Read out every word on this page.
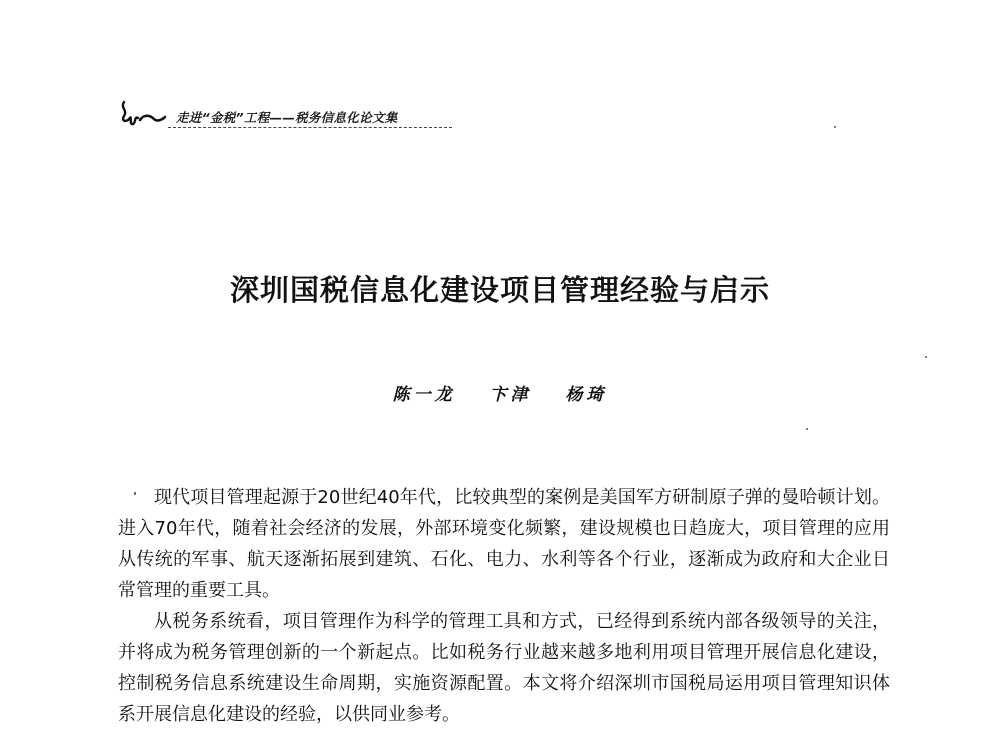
走进“金税”工程——税务信息化论文集
深圳国税信息化建设项目管理经验与启示
陈一龙 卞津 杨琦

现代项目管理起源于20世纪40年代，比较典型的案例是美国军方研制原子弹的曼哈顿计划。进入70年代，随着社会经济的发展，外部环境变化频繁，建设规模也日趋庞大，项目管理的应用从传统的军事、航天逐渐拓展到建筑、石化、电力、水利等各个行业，逐渐成为政府和大企业日常管理的重要工具。

从税务系统看，项目管理作为科学的管理工具和方式，已经得到系统内部各级领导的关注，并将成为税务管理创新的一个新起点。比如税务行业越来越多地利用项目管理开展信息化建设，控制税务信息系统建设生命周期，实施资源配置。本文将介绍深圳市国税局运用项目管理知识体系开展信息化建设的经验，以供同业参考。
